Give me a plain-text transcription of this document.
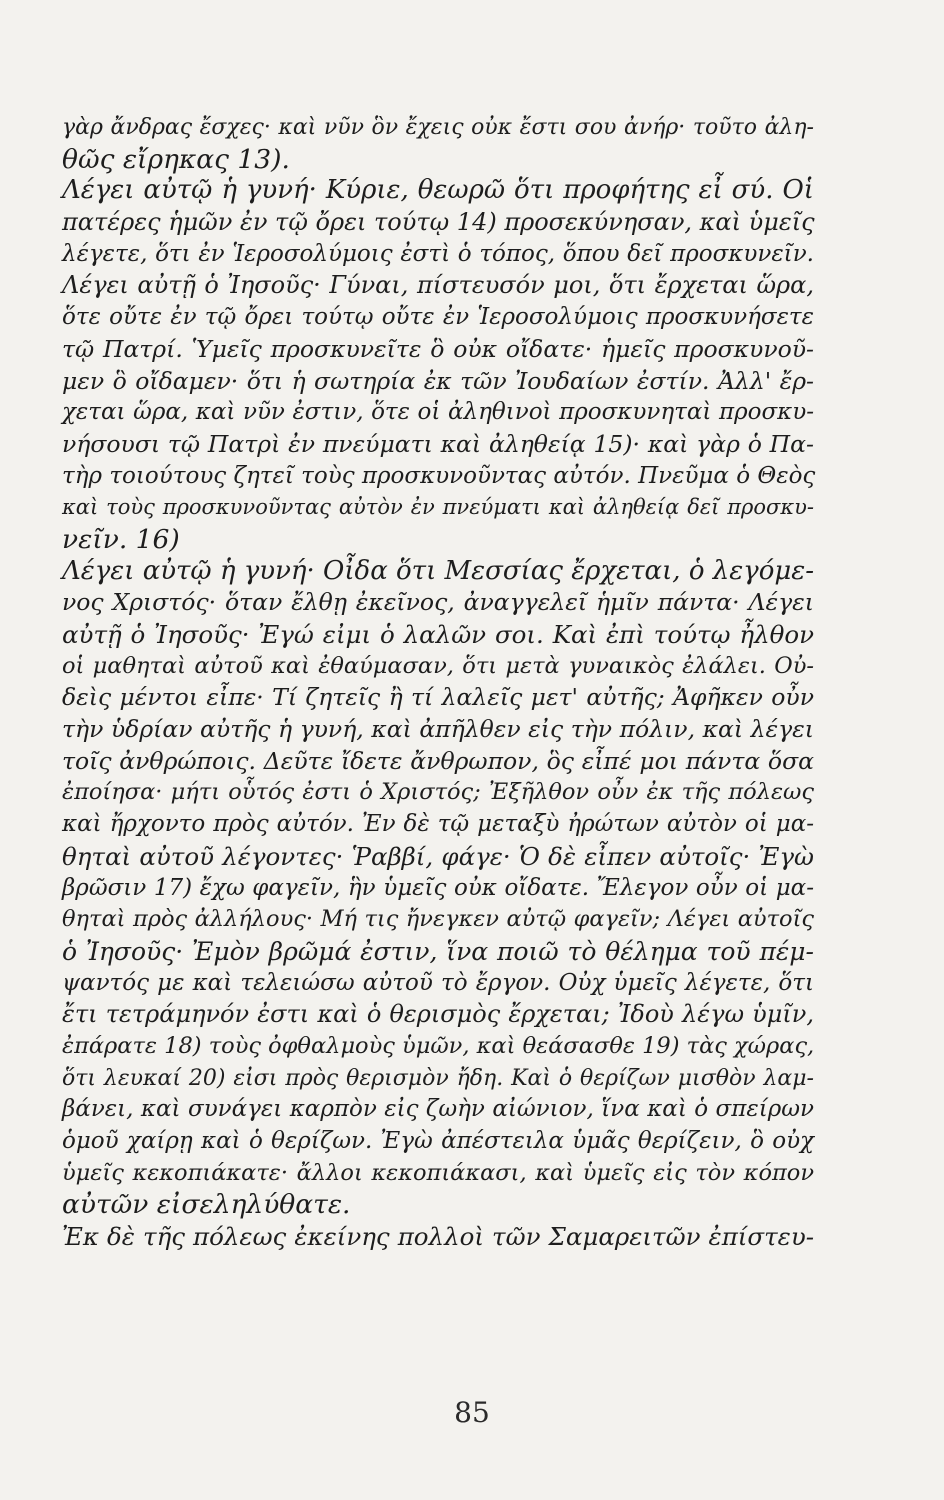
γὰρ ἄνδρας ἔσχες· καὶ νῦν ὃν ἔχεις οὐκ ἔστι σου ἀνήρ· τοῦτο ἀλη-
θῶς εἴρηκας 13).
Λέγει αὐτῷ ἡ γυνή· Κύριε, θεωρῶ ὅτι προφήτης εἶ σύ. Οἱ
πατέρες ἡμῶν ἐν τῷ ὄρει τούτῳ 14) προσεκύνησαν, καὶ ὑμεῖς
λέγετε, ὅτι ἐν Ἱεροσολύμοις ἐστὶ ὁ τόπος, ὅπου δεῖ προσκυνεῖν.
Λέγει αὐτῇ ὁ Ἰησοῦς· Γύναι, πίστευσόν μοι, ὅτι ἔρχεται ὥρα,
ὅτε οὔτε ἐν τῷ ὄρει τούτῳ οὔτε ἐν Ἱεροσολύμοις προσκυνήσετε
τῷ Πατρί. Ὑμεῖς προσκυνεῖτε ὃ οὐκ οἴδατε· ἡμεῖς προσκυνοῦ-
μεν ὃ οἴδαμεν· ὅτι ἡ σωτηρία ἐκ τῶν Ἰουδαίων ἐστίν. Ἀλλ' ἔρ-
χεται ὥρα, καὶ νῦν ἐστιν, ὅτε οἱ ἀληθινοὶ προσκυνηταὶ προσκυ-
νήσουσι τῷ Πατρὶ ἐν πνεύματι καὶ ἀληθείᾳ 15)· καὶ γὰρ ὁ Πα-
τὴρ τοιούτους ζητεῖ τοὺς προσκυνοῦντας αὐτόν. Πνεῦμα ὁ Θεὸς
καὶ τοὺς προσκυνοῦντας αὐτὸν ἐν πνεύματι καὶ ἀληθείᾳ δεῖ προσκυ-
νεῖν. 16)
Λέγει αὐτῷ ἡ γυνή· Οἶδα ὅτι Μεσσίας ἔρχεται, ὁ λεγόμε-
νος Χριστός· ὅταν ἔλθῃ ἐκεῖνος, ἀναγγελεῖ ἡμῖν πάντα· Λέγει
αὐτῇ ὁ Ἰησοῦς· Ἐγώ εἰμι ὁ λαλῶν σοι. Καὶ ἐπὶ τούτῳ ἦλθον
οἱ μαθηταὶ αὐτοῦ καὶ ἐθαύμασαν, ὅτι μετὰ γυναικὸς ἐλάλει. Οὐ-
δεὶς μέντοι εἶπε· Τί ζητεῖς ἢ τί λαλεῖς μετ' αὐτῆς; Ἀφῆκεν οὖν
τὴν ὑδρίαν αὐτῆς ἡ γυνή, καὶ ἀπῆλθεν εἰς τὴν πόλιν, καὶ λέγει
τοῖς ἀνθρώποις. Δεῦτε ἴδετε ἄνθρωπον, ὃς εἶπέ μοι πάντα ὅσα
ἐποίησα· μήτι οὗτός ἐστι ὁ Χριστός; Ἐξῆλθον οὖν ἐκ τῆς πόλεως
καὶ ἤρχοντο πρὸς αὐτόν. Ἐν δὲ τῷ μεταξὺ ἠρώτων αὐτὸν οἱ μα-
θηταὶ αὐτοῦ λέγοντες· Ῥαββί, φάγε· Ὁ δὲ εἶπεν αὐτοῖς· Ἐγὼ
βρῶσιν 17) ἔχω φαγεῖν, ἣν ὑμεῖς οὐκ οἴδατε. Ἔλεγον οὖν οἱ μα-
θηταὶ πρὸς ἀλλήλους· Μή τις ἤνεγκεν αὐτῷ φαγεῖν; Λέγει αὐτοῖς
ὁ Ἰησοῦς· Ἐμὸν βρῶμά ἐστιν, ἵνα ποιῶ τὸ θέλημα τοῦ πέμ-
ψαντός με καὶ τελειώσω αὐτοῦ τὸ ἔργον. Οὐχ ὑμεῖς λέγετε, ὅτι
ἔτι τετράμηνόν ἐστι καὶ ὁ θερισμὸς ἔρχεται; Ἰδοὺ λέγω ὑμῖν,
ἐπάρατε 18) τοὺς ὀφθαλμοὺς ὑμῶν, καὶ θεάσασθε 19) τὰς χώρας,
ὅτι λευκαί 20) εἰσι πρὸς θερισμὸν ἤδη. Καὶ ὁ θερίζων μισθὸν λαμ-
βάνει, καὶ συνάγει καρπὸν εἰς ζωὴν αἰώνιον, ἵνα καὶ ὁ σπείρων
ὁμοῦ χαίρῃ καὶ ὁ θερίζων. Ἐγὼ ἀπέστειλα ὑμᾶς θερίζειν, ὃ οὐχ
ὑμεῖς κεκοπιάκατε· ἄλλοι κεκοπιάκασι, καὶ ὑμεῖς εἰς τὸν κόπον
αὐτῶν εἰσεληλύθατε.
Ἐκ δὲ τῆς πόλεως ἐκείνης πολλοὶ τῶν Σαμαρειτῶν ἐπίστευ-
85
